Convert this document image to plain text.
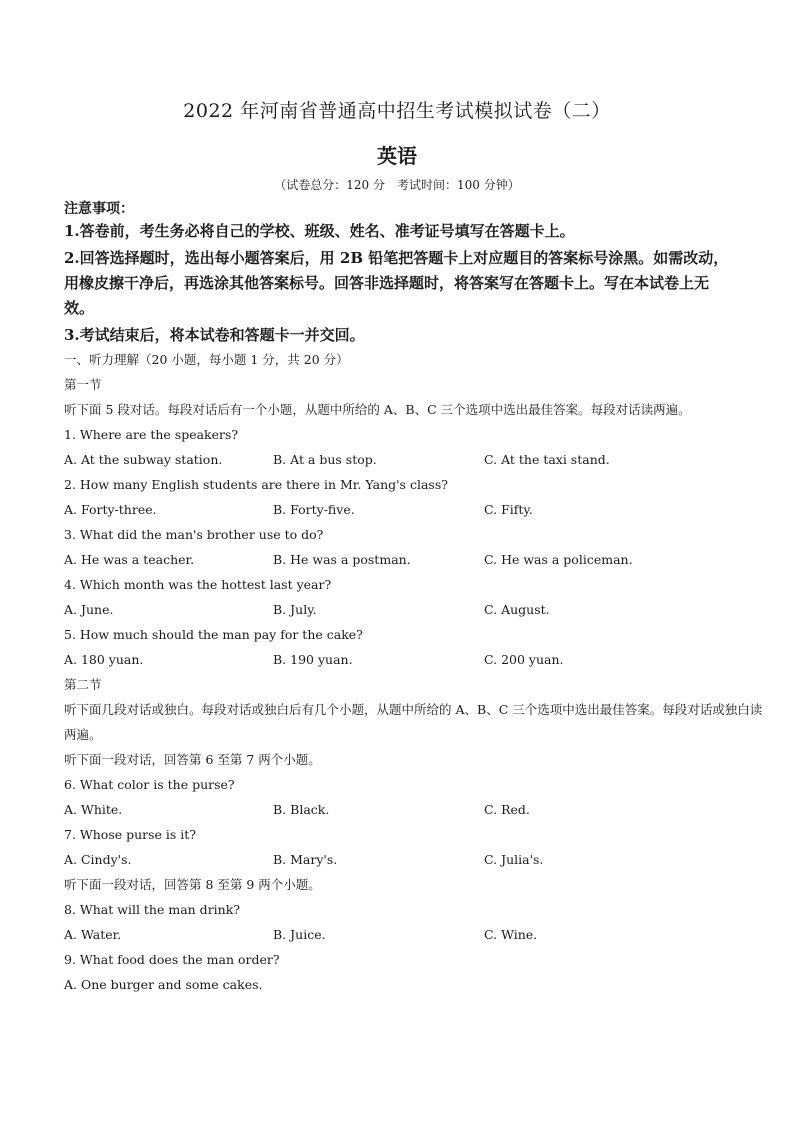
2022 年河南省普通高中招生考试模拟试卷（二）
英语
（试卷总分：120 分　考试时间：100 分钟）
注意事项：

1.答卷前，考生务必将自己的学校、班级、姓名、准考证号填写在答题卡上。

2.回答选择题时，选出每小题答案后，用 2B 铅笔把答题卡上对应题目的答案标号涂黑。如需改动，用橡皮擦干净后，再选涂其他答案标号。回答非选择题时，将答案写在答题卡上。写在本试卷上无效。

3.考试结束后，将本试卷和答题卡一并交回。

一、听力理解（20 小题，每小题 1 分，共 20 分）
第一节
听下面 5 段对话。每段对话后有一个小题，从题中所给的 A、B、C 三个选项中选出最佳答案。每段对话读两遍。
1. Where are the speakers?
A. At the subway station.	B. At a bus stop.	C. At the taxi stand.
2. How many English students are there in Mr. Yang's class?
A. Forty-three.	B. Forty-five.	C. Fifty.
3. What did the man's brother use to do?
A. He was a teacher.	B. He was a postman.	C. He was a policeman.
4. Which month was the hottest last year?
A. June.	B. July.	C. August.
5. How much should the man pay for the cake?
A. 180 yuan.	B. 190 yuan.	C. 200 yuan.
第二节
听下面几段对话或独白。每段对话或独白后有几个小题，从题中所给的 A、B、C 三个选项中选出最佳答案。每段对话或独白读两遍。
听下面一段对话，回答第 6 至第 7 两个小题。
6. What color is the purse?
A. White.	B. Black.	C. Red.
7. Whose purse is it?
A. Cindy's.	B. Mary's.	C. Julia's.
听下面一段对话，回答第 8 至第 9 两个小题。
8. What will the man drink?
A. Water.	B. Juice.	C. Wine.
9. What food does the man order?
A. One burger and some cakes.
